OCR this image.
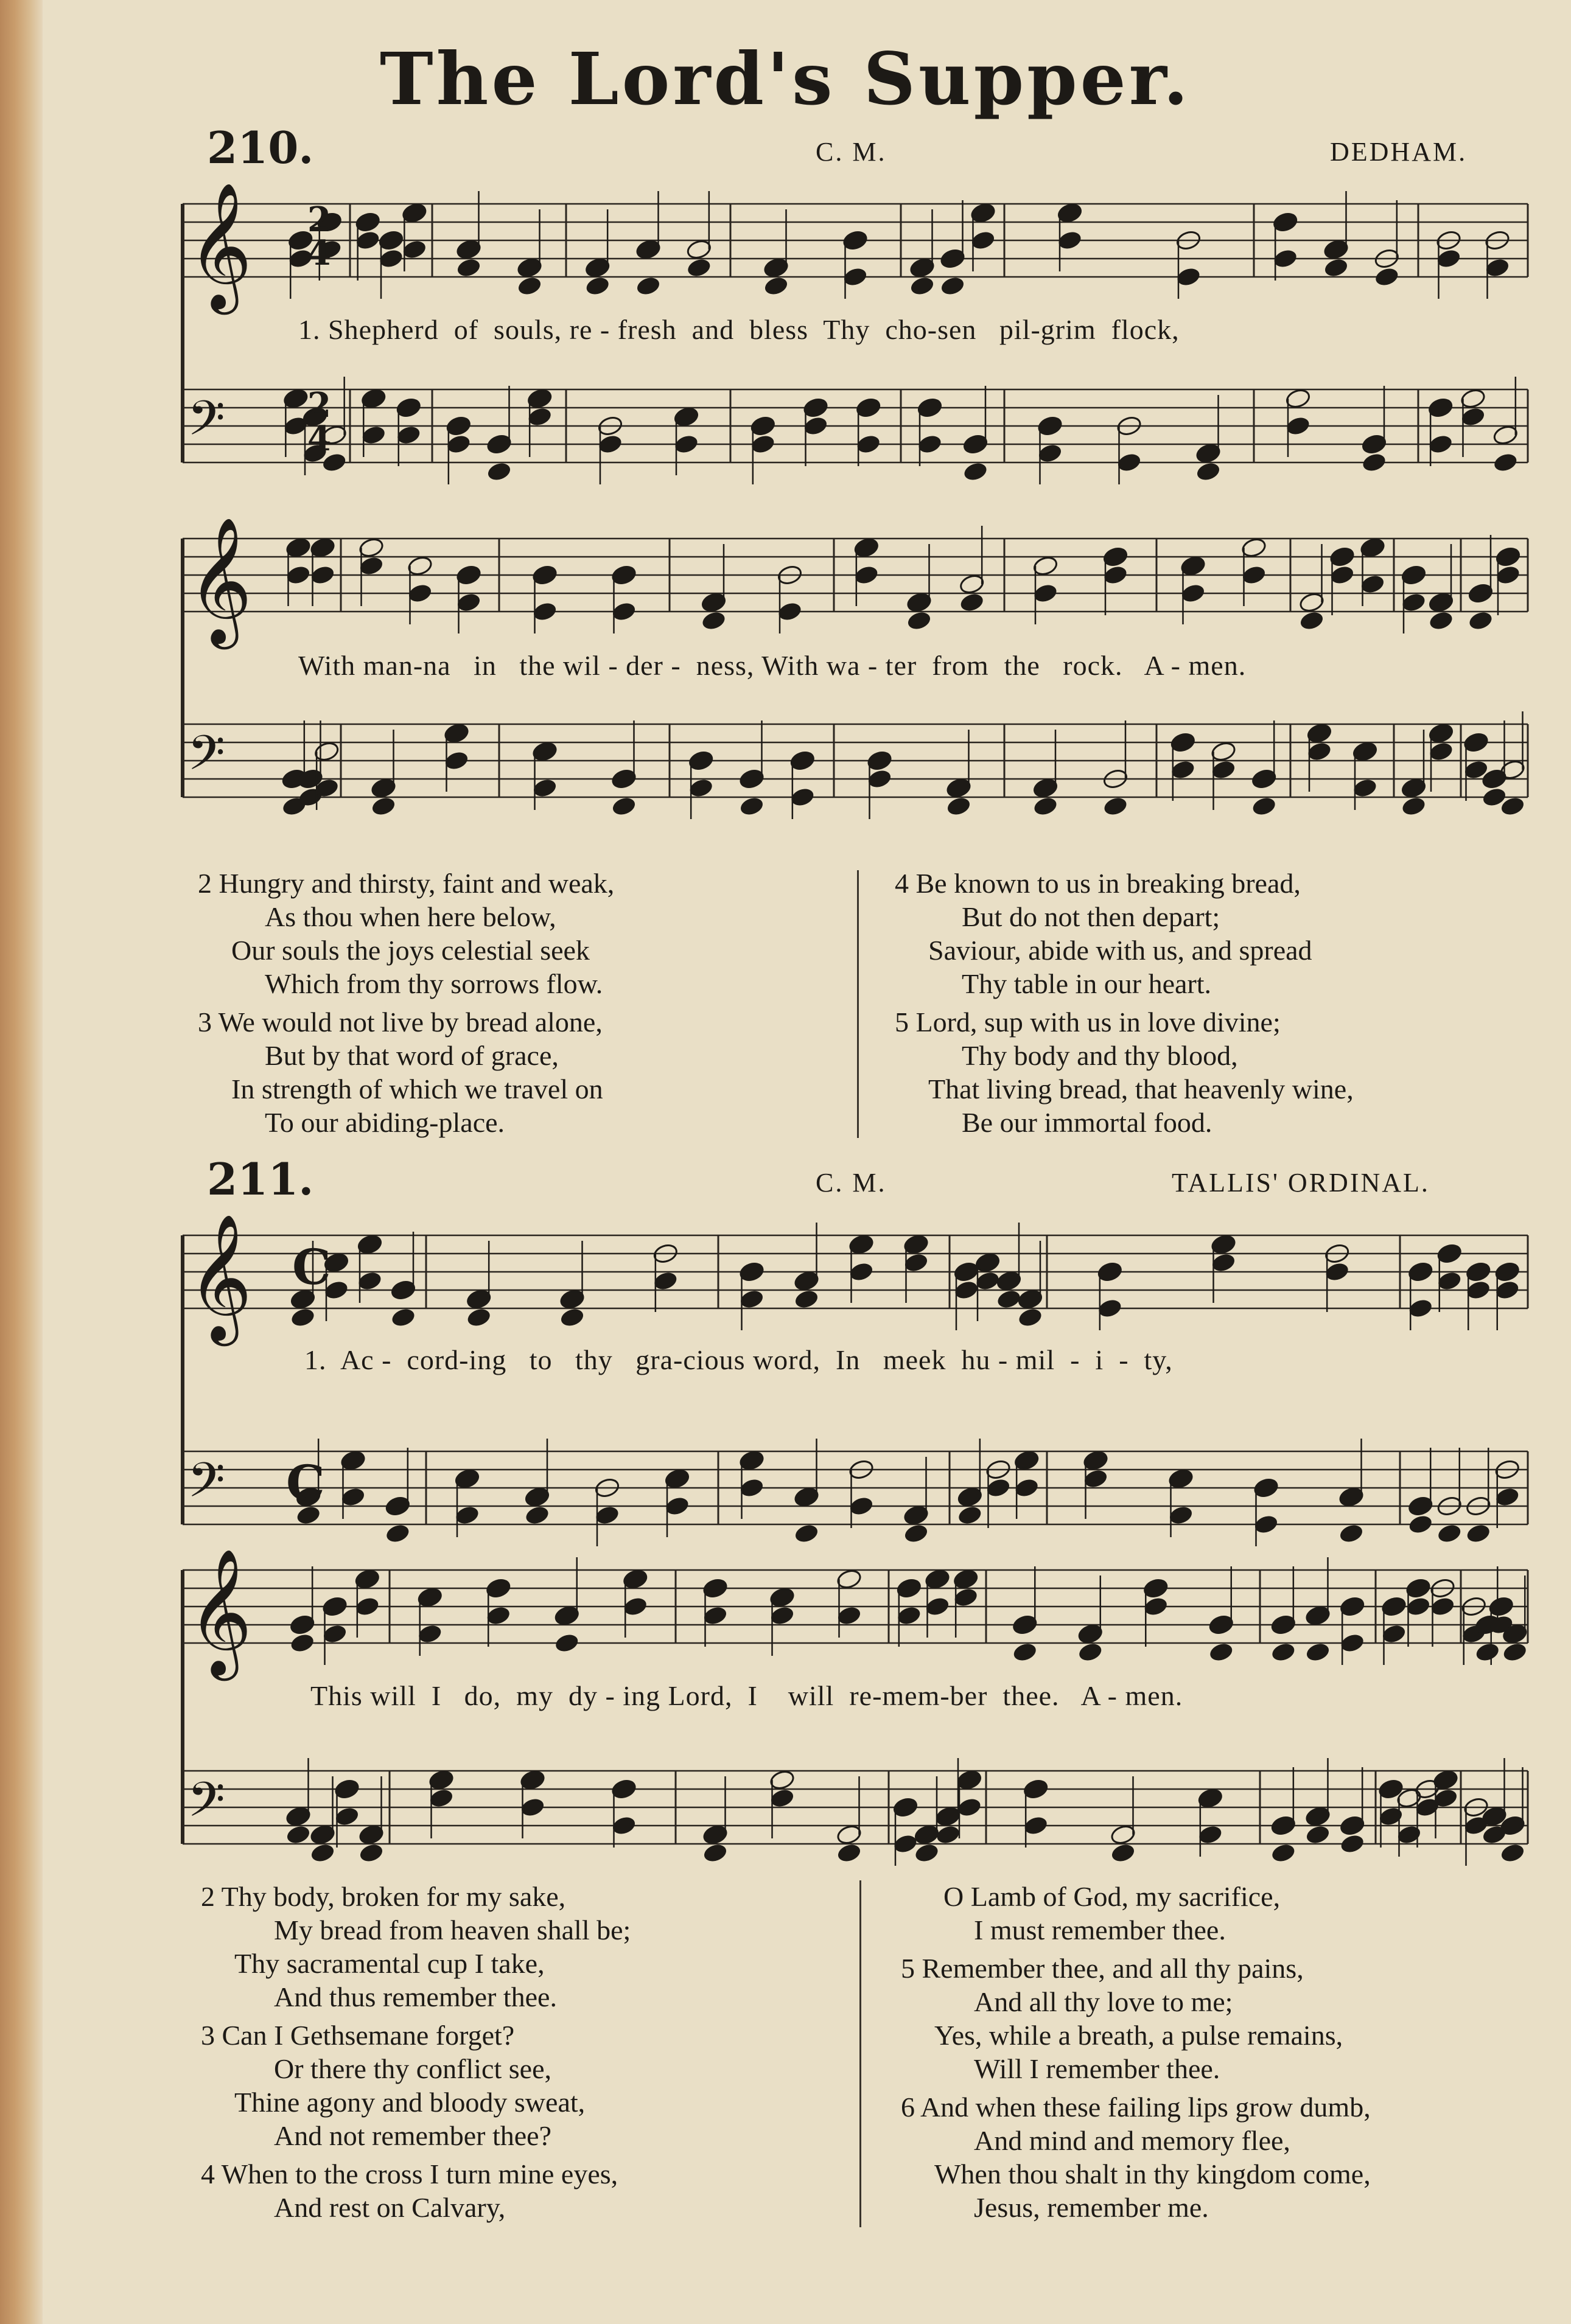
The Lord's Supper.
210.	C. M.	DEDHAM.
211.	C. M.	TALLIS' ORDINAL.
𝄞
𝄢
𝄞
𝄢
𝄞
𝄢
𝄞
𝄢
2
4
2
4
C
C
1. Shepherd  of  souls, re - fresh  and  bless  Thy  cho-sen   pil-grim  flock,
With man-na   in   the wil - der -  ness, With wa - ter  from  the   rock.   A - men.
1.  Ac -  cord-ing   to   thy   gra-cious word,  In   meek  hu - mil  -  i  -  ty,
This will  I   do,  my  dy - ing Lord,  I    will  re-mem-ber  thee.   A - men.
2 Hungry and thirsty, faint and weak,
As thou when here below,
Our souls the joys celestial seek
Which from thy sorrows flow.
3 We would not live by bread alone,
But by that word of grace,
In strength of which we travel on
To our abiding-place.
4 Be known to us in breaking bread,
But do not then depart;
Saviour, abide with us, and spread
Thy table in our heart.
5 Lord, sup with us in love divine;
Thy body and thy blood,
That living bread, that heavenly wine,
Be our immortal food.
2 Thy body, broken for my sake,
My bread from heaven shall be;
Thy sacramental cup I take,
And thus remember thee.
3 Can I Gethsemane forget?
Or there thy conflict see,
Thine agony and bloody sweat,
And not remember thee?
4 When to the cross I turn mine eyes,
And rest on Calvary,
O Lamb of God, my sacrifice,
I must remember thee.
5 Remember thee, and all thy pains,
And all thy love to me;
Yes, while a breath, a pulse remains,
Will I remember thee.
6 And when these failing lips grow dumb,
And mind and memory flee,
When thou shalt in thy kingdom come,
Jesus, remember me.
